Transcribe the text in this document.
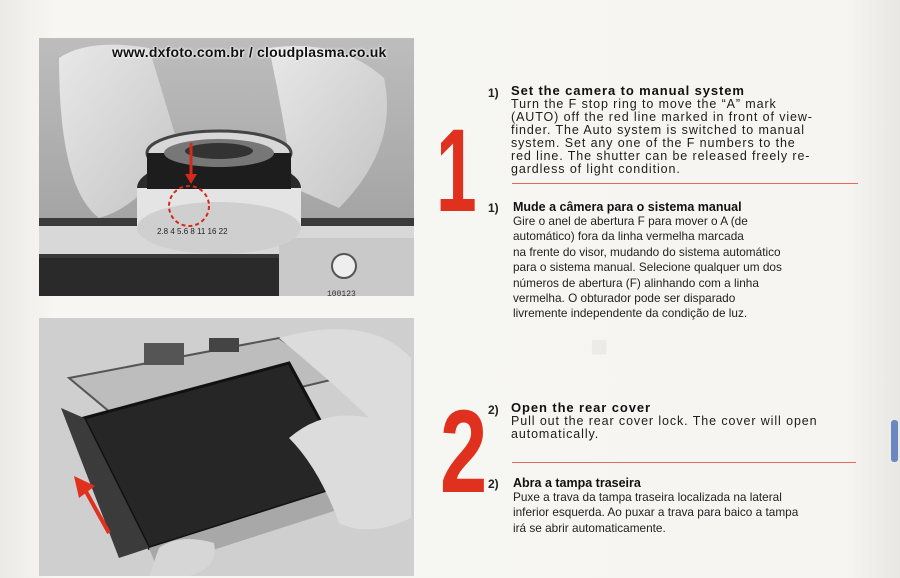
■
2.8 4 5.6 8 11 16 22
100123
www.dxfoto.com.br / cloudplasma.co.uk
1
2
1) Set the camera to manual system
Turn the F stop ring to move the “A” mark
(AUTO) off the red line marked in front of view-
finder. The Auto system is switched to manual
system. Set any one of the F numbers to the
red line. The shutter can be released freely re-
gardless of light condition.
1) Mude a câmera para o sistema manual
Gire o anel de abertura F para mover o A (de
automático) fora da linha vermelha marcada
na frente do visor, mudando do sistema automático
para o sistema manual. Selecione qualquer um dos
números de abertura (F) alinhando com a linha
vermelha. O obturador pode ser disparado
livremente independente da condição de luz.
2) Open the rear cover
Pull out the rear cover lock. The cover will open
automatically.
2) Abra a tampa traseira
Puxe a trava da tampa traseira localizada na lateral
inferior esquerda. Ao puxar a trava para baico a tampa
irá se abrir automaticamente.
